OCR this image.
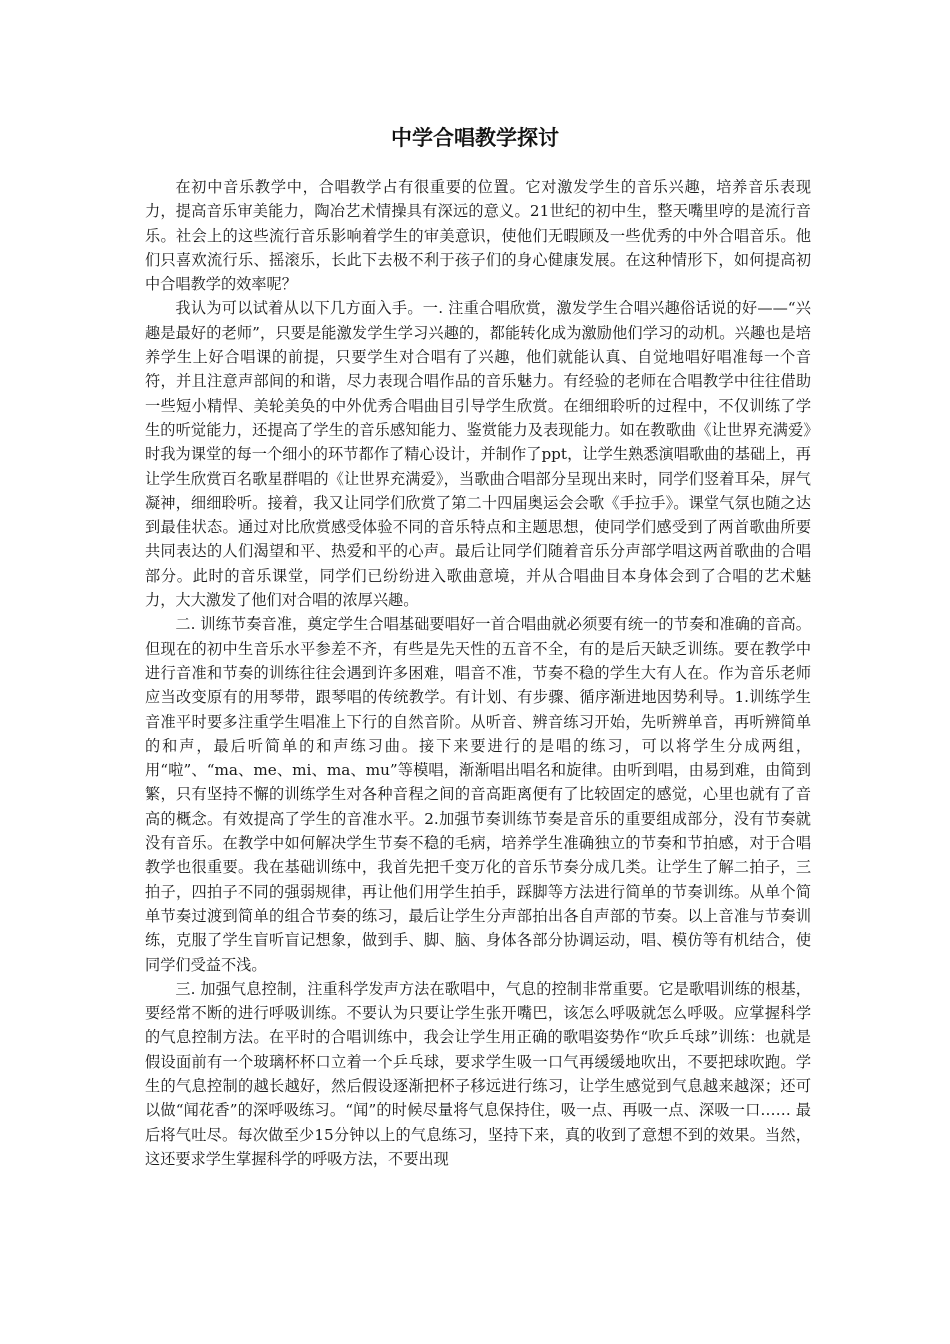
中学合唱教学探讨

在初中音乐教学中，合唱教学占有很重要的位置。它对激发学生的音乐兴趣，培养音乐表现力，提高音乐审美能力，陶冶艺术情操具有深远的意义。21世纪的初中生，整天嘴里哼的是流行音乐。社会上的这些流行音乐影响着学生的审美意识，使他们无暇顾及一些优秀的中外合唱音乐。他们只喜欢流行乐、摇滚乐，长此下去极不利于孩子们的身心健康发展。在这种情形下，如何提高初中合唱教学的效率呢？

我认为可以试着从以下几方面入手。一. 注重合唱欣赏，激发学生合唱兴趣俗话说的好——“兴趣是最好的老师”，只要是能激发学生学习兴趣的，都能转化成为激励他们学习的动机。兴趣也是培养学生上好合唱课的前提，只要学生对合唱有了兴趣，他们就能认真、自觉地唱好唱准每一个音符，并且注意声部间的和谐，尽力表现合唱作品的音乐魅力。有经验的老师在合唱教学中往往借助一些短小精悍、美轮美奂的中外优秀合唱曲目引导学生欣赏。在细细聆听的过程中，不仅训练了学生的听觉能力，还提高了学生的音乐感知能力、鉴赏能力及表现能力。如在教歌曲《让世界充满爱》时我为课堂的每一个细小的环节都作了精心设计，并制作了ppt，让学生熟悉演唱歌曲的基础上，再让学生欣赏百名歌星群唱的《让世界充满爱》，当歌曲合唱部分呈现出来时，同学们竖着耳朵，屏气凝神，细细聆听。接着，我又让同学们欣赏了第二十四届奥运会会歌《手拉手》。课堂气氛也随之达到最佳状态。通过对比欣赏感受体验不同的音乐特点和主题思想，使同学们感受到了两首歌曲所要共同表达的人们渴望和平、热爱和平的心声。最后让同学们随着音乐分声部学唱这两首歌曲的合唱部分。此时的音乐课堂，同学们已纷纷进入歌曲意境，并从合唱曲目本身体会到了合唱的艺术魅力，大大激发了他们对合唱的浓厚兴趣。

二. 训练节奏音准，奠定学生合唱基础要唱好一首合唱曲就必须要有统一的节奏和准确的音高。但现在的初中生音乐水平参差不齐，有些是先天性的五音不全，有的是后天缺乏训练。要在教学中进行音准和节奏的训练往往会遇到许多困难，唱音不准，节奏不稳的学生大有人在。作为音乐老师应当改变原有的用琴带，跟琴唱的传统教学。有计划、有步骤、循序渐进地因势利导。1.训练学生音准平时要多注重学生唱准上下行的自然音阶。从听音、辨音练习开始，先听辨单音，再听辨简单的和声，最后听简单的和声练习曲。接下来要进行的是唱的练习，可以将学生分成两组，用“啦”、“ma、me、mi、ma、mu”等模唱，渐渐唱出唱名和旋律。由听到唱，由易到难，由简到繁，只有坚持不懈的训练学生对各种音程之间的音高距离便有了比较固定的感觉，心里也就有了音高的概念。有效提高了学生的音准水平。2.加强节奏训练节奏是音乐的重要组成部分，没有节奏就没有音乐。在教学中如何解决学生节奏不稳的毛病，培养学生准确独立的节奏和节拍感，对于合唱教学也很重要。我在基础训练中，我首先把千变万化的音乐节奏分成几类。让学生了解二拍子，三拍子，四拍子不同的强弱规律，再让他们用学生拍手，踩脚等方法进行简单的节奏训练。从单个简单节奏过渡到简单的组合节奏的练习，最后让学生分声部拍出各自声部的节奏。以上音准与节奏训练，克服了学生盲听盲记想象，做到手、脚、脑、身体各部分协调运动，唱、模仿等有机结合，使同学们受益不浅。

三. 加强气息控制，注重科学发声方法在歌唱中，气息的控制非常重要。它是歌唱训练的根基，要经常不断的进行呼吸训练。不要认为只要让学生张开嘴巴，该怎么呼吸就怎么呼吸。应掌握科学的气息控制方法。在平时的合唱训练中，我会让学生用正确的歌唱姿势作“吹乒乓球”训练：也就是假设面前有一个玻璃杯杯口立着一个乒乓球，要求学生吸一口气再缓缓地吹出，不要把球吹跑。学生的气息控制的越长越好，然后假设逐渐把杯子移远进行练习，让学生感觉到气息越来越深；还可以做“闻花香”的深呼吸练习。“闻”的时候尽量将气息保持住，吸一点、再吸一点、深吸一口…… 最后将气吐尽。每次做至少15分钟以上的气息练习，坚持下来，真的收到了意想不到的效果。当然，这还要求学生掌握科学的呼吸方法，不要出现
